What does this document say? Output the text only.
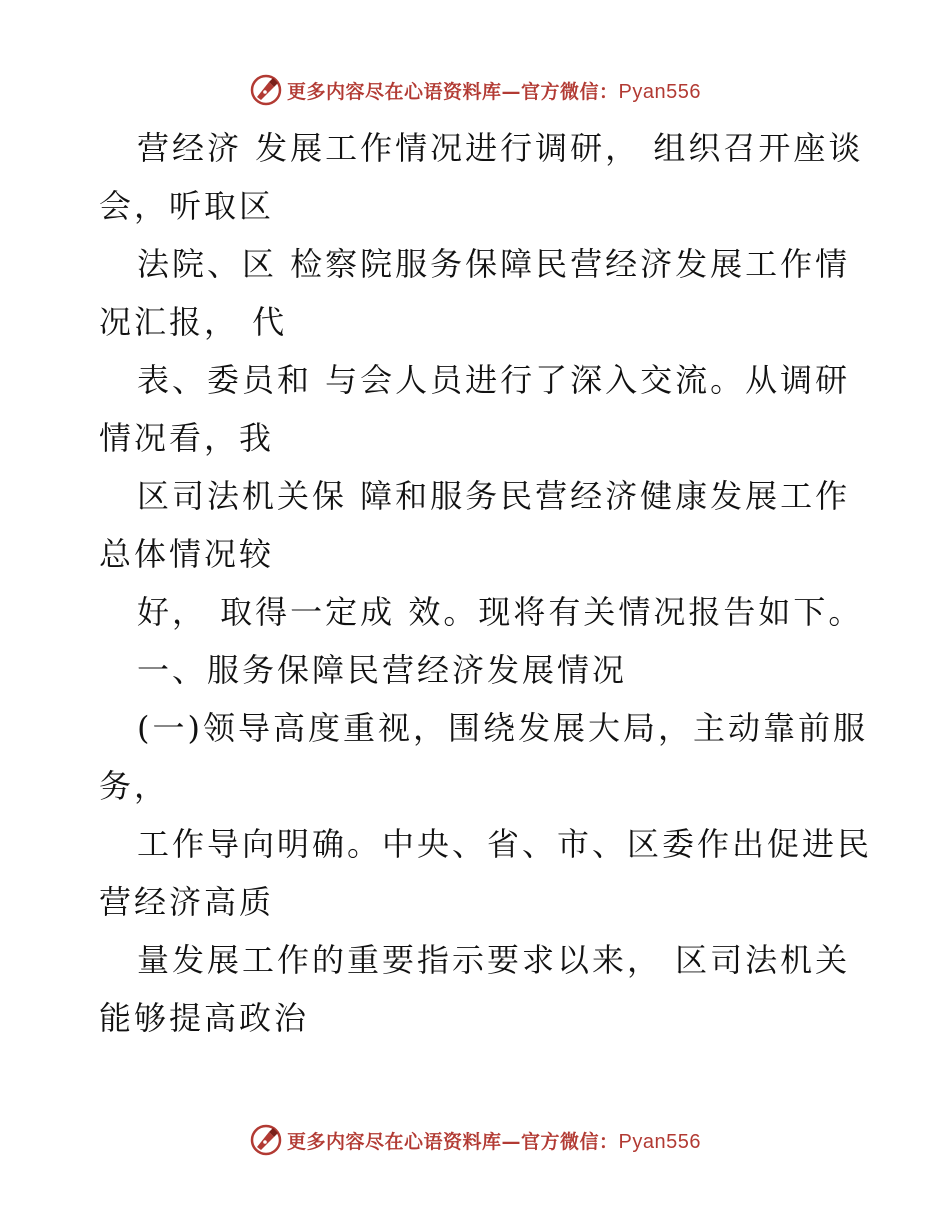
更多内容尽在心语资料库—官方微信：Pyan556
营经济 发展工作情况进行调研， 组织召开座谈
会，听取区
法院、区 检察院服务保障民营经济发展工作情
况汇报， 代
表、委员和 与会人员进行了深入交流。从调研
情况看，我
区司法机关保 障和服务民营经济健康发展工作
总体情况较
好， 取得一定成 效。现将有关情况报告如下。
一、服务保障民营经济发展情况
(一)领导高度重视，围绕发展大局，主动靠前服
务，
工作导向明确。中央、省、市、区委作出促进民
营经济高质
量发展工作的重要指示要求以来， 区司法机关
能够提高政治
更多内容尽在心语资料库—官方微信：Pyan556
